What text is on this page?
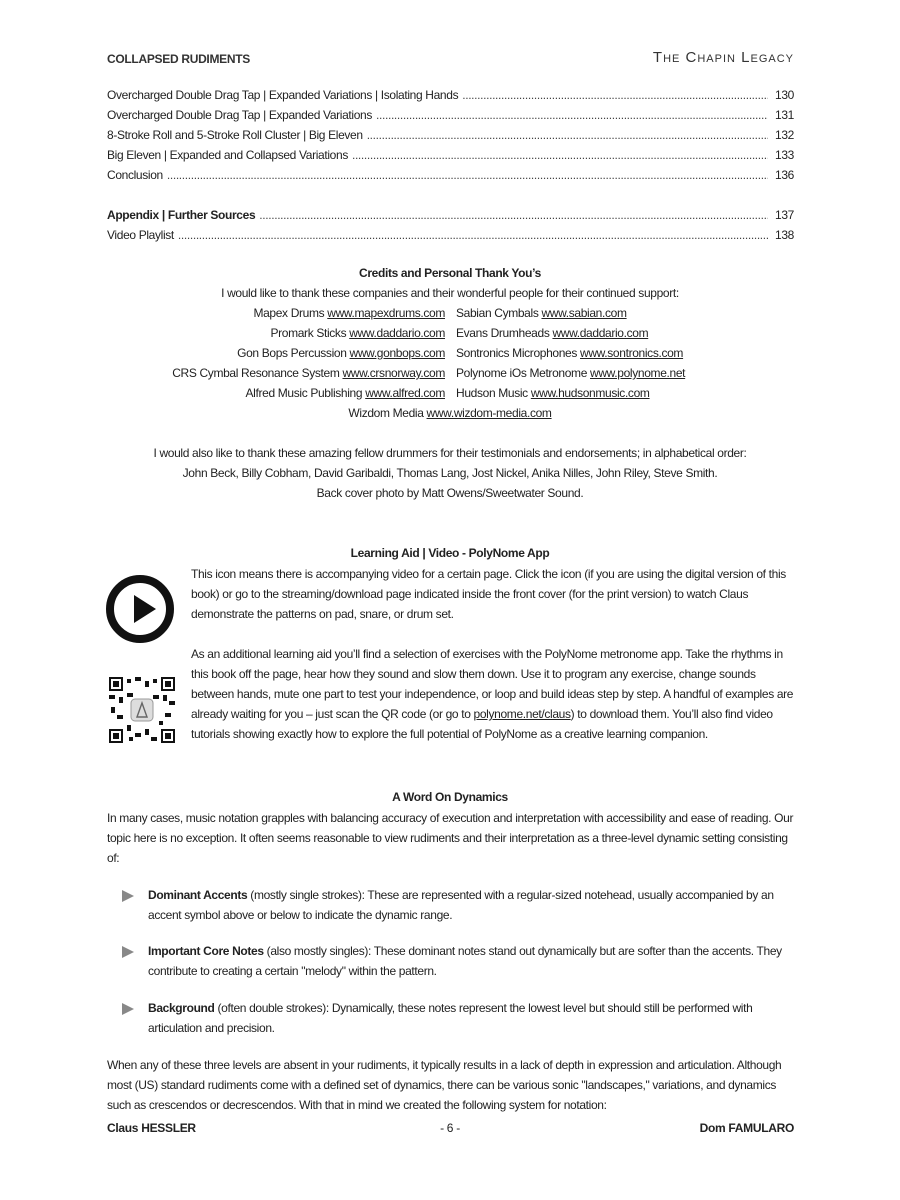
COLLAPSED RUDIMENTS	The Chapin Legacy
Overcharged Double Drag Tap | Expanded Variations | Isolating Hands .....	130
Overcharged Double Drag Tap | Expanded Variations .....	131
8-Stroke Roll and 5-Stroke Roll Cluster | Big Eleven .....	132
Big Eleven | Expanded and Collapsed Variations .....	133
Conclusion .....	136
Appendix | Further Sources .....	137
Video Playlist .....	138
Credits and Personal Thank You’s
I would like to thank these companies and their wonderful people for their continued support:
Mapex Drums www.mapexdrums.com Sabian Cymbals www.sabian.com
Promark Sticks www.daddario.com Evans Drumheads www.daddario.com
Gon Bops Percussion www.gonbops.com Sontronics Microphones www.sontronics.com
CRS Cymbal Resonance System www.crsnorway.com Polynome iOs Metronome www.polynome.net
Alfred Music Publishing www.alfred.com Hudson Music www.hudsonmusic.com
Wizdom Media www.wizdom-media.com
I would also like to thank these amazing fellow drummers for their testimonials and endorsements; in alphabetical order:
John Beck, Billy Cobham, David Garibaldi, Thomas Lang, Jost Nickel, Anika Nilles, John Riley, Steve Smith.
Back cover photo by Matt Owens/Sweetwater Sound.
Learning Aid | Video - PolyNome App
This icon means there is accompanying video for a certain page. Click the icon (if you are using the digital version of this
book) or go to the streaming/download page indicated inside the front cover (for the print version) to watch Claus
demonstrate the patterns on pad, snare, or drum set.
As an additional learning aid you’ll find a selection of exercises with the PolyNome metronome app. Take the rhythms in
this book off the page, hear how they sound and slow them down. Use it to program any exercise, change sounds
between hands, mute one part to test your independence, or loop and build ideas step by step. A handful of examples are
already waiting for you – just scan the QR code (or go to polynome.net/claus) to download them. You’ll also find video
tutorials showing exactly how to explore the full potential of PolyNome as a creative learning companion.
A Word On Dynamics
In many cases, music notation grapples with balancing accuracy of execution and interpretation with accessibility and ease of reading. Our
topic here is no exception. It often seems reasonable to view rudiments and their interpretation as a three-level dynamic setting consisting
of:
Dominant Accents (mostly single strokes): These are represented with a regular-sized notehead, usually accompanied by an
accent symbol above or below to indicate the dynamic range.
Important Core Notes (also mostly singles): These dominant notes stand out dynamically but are softer than the accents. They
contribute to creating a certain "melody" within the pattern.
Background (often double strokes): Dynamically, these notes represent the lowest level but should still be performed with
articulation and precision.
When any of these three levels are absent in your rudiments, it typically results in a lack of depth in expression and articulation. Although
most (US) standard rudiments come with a defined set of dynamics, there can be various sonic "landscapes," variations, and dynamics
such as crescendos or decrescendos. With that in mind we created the following system for notation:
Claus HESSLER	- 6 -	Dom FAMULARO
